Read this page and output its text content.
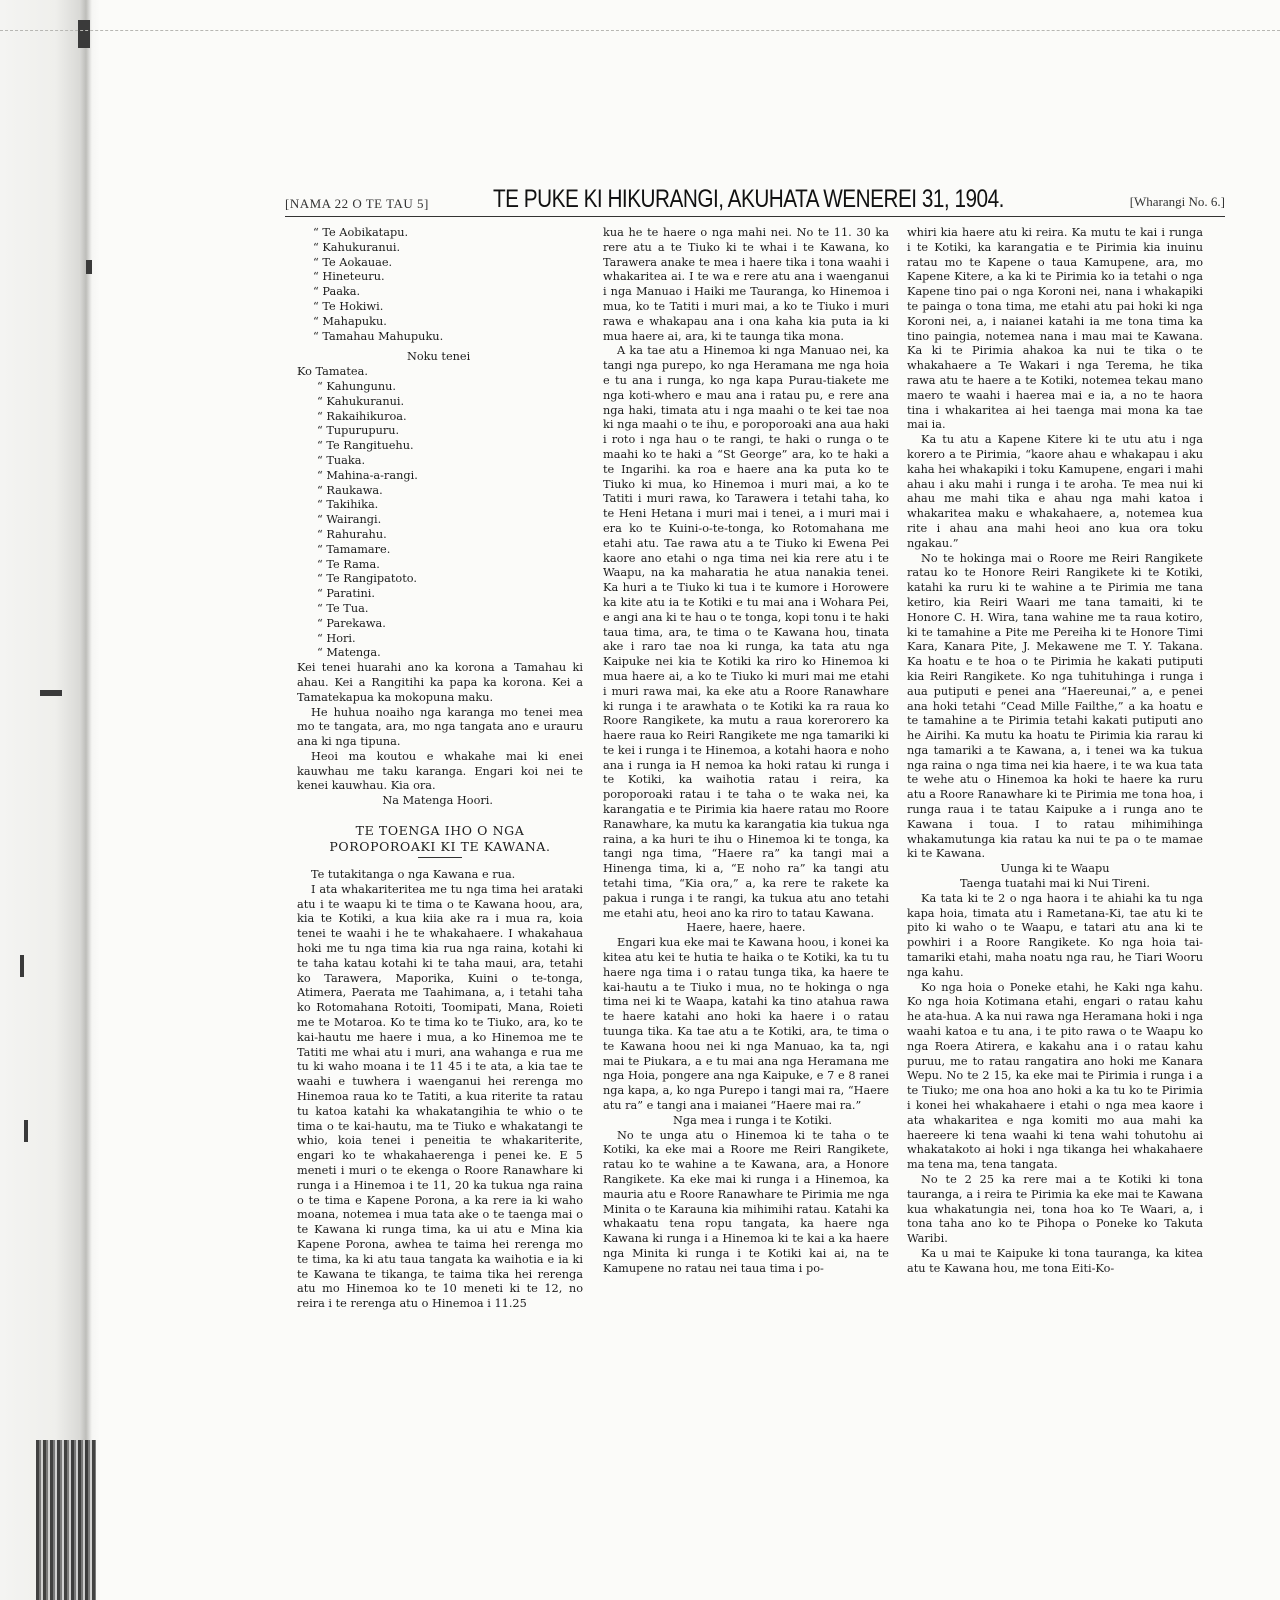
[NAMA 22 O TE TAU 5]	TE PUKE KI HIKURANGI, AKUHATA WENEREI 31, 1904.	[Wharangi No. 6.]
“ Te Aobikatapu.
“ Kahukuranui.
“ Te Aokauae.
“ Hineteuru.
“ Paaka.
“ Te Hokiwi.
“ Mahapuku.
“ Tamahau Mahupuku.

Noku tenei

Ko Tamatea.

“ Kahungunu.
“ Kahukuranui.
“ Rakaihikuroa.
“ Tupurupuru.
“ Te Rangituehu.
“ Tuaka.
“ Mahina-a-rangi.
“ Raukawa.
“ Takihika.
“ Wairangi.
“ Rahurahu.
“ Tamamare.
“ Te Rama.
“ Te Rangipatoto.
“ Paratini.
“ Te Tua.
“ Parekawa.
“ Hori.
“ Matenga.

Kei tenei huarahi ano ka korona a Tamahau ki ahau. Kei a Rangitihi ka papa ka korona. Kei a Tamatekapua ka mokopuna maku.

He huhua noaiho nga karanga mo tenei mea mo te tangata, ara, mo nga tangata ano e urauru ana ki nga tipuna.

Heoi ma koutou e whakahe mai ki enei kauwhau me taku karanga. Engari koi nei te kenei kauwhau. Kia ora.

Na Matenga Hoori.

TE TOENGA IHO O NGA POROPOROAKI KI TE KAWANA.

Te tutakitanga o nga Kawana e rua.

I ata whakariteritea me tu nga tima hei arataki atu i te waapu ki te tima o te Kawana hoou, ara, kia te Kotiki, a kua kiia ake ra i mua ra, koia tenei te waahi i he te whakahaere. I whakahaua hoki me tu nga tima kia rua nga raina, kotahi ki te taha katau kotahi ki te taha maui, ara, tetahi ko Tarawera, Maporika, Kuini o te-tonga, Atimera, Paerata me Taahimana, a, i tetahi taha ko Rotomahana Rotoiti, Toomipati, Mana, Roieti me te Motaroa. Ko te tima ko te Tiuko, ara, ko te kai-hautu me haere i mua, a ko Hinemoa me te Tatiti me whai atu i muri, ana wahanga e rua me tu ki waho moana i te 11 45 i te ata, a kia tae te waahi e tuwhera i waenganui hei rerenga mo Hinemoa raua ko te Tatiti, a kua riterite ta ratau tu katoa katahi ka whakatangihia te whio o te tima o te kai-hautu, ma te Tiuko e whakatangi te whio, koia tenei i peneitia te whakariterite, engari ko te whakahaerenga i penei ke. E 5 meneti i muri o te ekenga o Roore Ranawhare ki runga i a Hinemoa i te 11, 20 ka tukua nga raina o te tima e Kapene Porona, a ka rere ia ki waho moana, notemea i mua tata ake o te taenga mai o te Kawana ki runga tima, ka ui atu e Mina kia Kapene Porona, awhea te taima hei rerenga mo te tima, ka ki atu taua tangata ka waihotia e ia ki te Kawana te tikanga, te taima tika hei rerenga atu mo Hinemoa ko te 10 meneti ki te 12, no reira i te rerenga atu o Hinemoa i 11.25

kua he te haere o nga mahi nei. No te 11. 30 ka rere atu a te Tiuko ki te whai i te Kawana, ko Tarawera anake te mea i haere tika i tona waahi i whakaritea ai. I te wa e rere atu ana i waenganui i nga Manuao i Haiki me Tauranga, ko Hinemoa i mua, ko te Tatiti i muri mai, a ko te Tiuko i muri rawa e whakapau ana i ona kaha kia puta ia ki mua haere ai, ara, ki te taunga tika mona.

A ka tae atu a Hinemoa ki nga Manuao nei, ka tangi nga purepo, ko nga Heramana me nga hoia e tu ana i runga, ko nga kapa Purau-tiakete me nga koti-whero e mau ana i ratau pu, e rere ana nga haki, timata atu i nga maahi o te kei tae noa ki nga maahi o te ihu, e poroporoaki ana aua haki i roto i nga hau o te rangi, te haki o runga o te maahi ko te haki a “St George” ara, ko te haki a te Ingarihi. ka roa e haere ana ka puta ko te Tiuko ki mua, ko Hinemoa i muri mai, a ko te Tatiti i muri rawa, ko Tarawera i tetahi taha, ko te Heni Hetana i muri mai i tenei, a i muri mai i era ko te Kuini-o-te-tonga, ko Rotomahana me etahi atu. Tae rawa atu a te Tiuko ki Ewena Pei kaore ano etahi o nga tima nei kia rere atu i te Waapu, na ka maharatia he atua nanakia tenei. Ka huri a te Tiuko ki tua i te kumore i Horowere ka kite atu ia te Kotiki e tu mai ana i Wohara Pei, e angi ana ki te hau o te tonga, kopi tonu i te haki taua tima, ara, te tima o te Kawana hou, tinata ake i raro tae noa ki runga, ka tata atu nga Kaipuke nei kia te Kotiki ka riro ko Hinemoa ki mua haere ai, a ko te Tiuko ki muri mai me etahi i muri rawa mai, ka eke atu a Roore Ranawhare ki runga i te arawhata o te Kotiki ka ra raua ko Roore Rangikete, ka mutu a raua korerorero ka haere raua ko Reiri Rangikete me nga tamariki ki te kei i runga i te Hinemoa, a kotahi haora e noho ana i runga ia H nemoa ka hoki ratau ki runga i te Kotiki, ka waihotia ratau i reira, ka poroporoaki ratau i te taha o te waka nei, ka karangatia e te Pirimia kia haere ratau mo Roore Ranawhare, ka mutu ka karangatia kia tukua nga raina, a ka huri te ihu o Hinemoa ki te tonga, ka tangi nga tima, “Haere ra” ka tangi mai a Hinenga tima, ki a, “E noho ra” ka tangi atu tetahi tima, “Kia ora,” a, ka rere te rakete ka pakua i runga i te rangi, ka tukua atu ano tetahi me etahi atu, heoi ano ka riro to tatau Kawana.

Haere, haere, haere.

Engari kua eke mai te Kawana hoou, i konei ka kitea atu kei te hutia te haika o te Kotiki, ka tu tu haere nga tima i o ratau tunga tika, ka haere te kai-hautu a te Tiuko i mua, no te hokinga o nga tima nei ki te Waapa, katahi ka tino atahua rawa te haere katahi ano hoki ka haere i o ratau tuunga tika. Ka tae atu a te Kotiki, ara, te tima o te Kawana hoou nei ki nga Manuao, ka ta, ngi mai te Piukara, a e tu mai ana nga Heramana me nga Hoia, pongere ana nga Kaipuke, e 7 e 8 ranei nga kapa, a, ko nga Purepo i tangi mai ra, “Haere atu ra” e tangi ana i maianei “Haere mai ra.”

Nga mea i runga i te Kotiki.

No te unga atu o Hinemoa ki te taha o te Kotiki, ka eke mai a Roore me Reiri Rangikete, ratau ko te wahine a te Kawana, ara, a Honore Rangikete. Ka eke mai ki runga i a Hinemoa, ka mauria atu e Roore Ranawhare te Pirimia me nga Minita o te Karauna kia mihimihi ratau. Katahi ka whakaatu tena ropu tangata, ka haere nga Kawana ki runga i a Hinemoa ki te kai a ka haere nga Minita ki runga i te Kotiki kai ai, na te Kamupene no ratau nei taua tima i po-

whiri kia haere atu ki reira. Ka mutu te kai i runga i te Kotiki, ka karangatia e te Pirimia kia inuinu ratau mo te Kapene o taua Kamupene, ara, mo Kapene Kitere, a ka ki te Pirimia ko ia tetahi o nga Kapene tino pai o nga Koroni nei, nana i whakapiki te painga o tona tima, me etahi atu pai hoki ki nga Koroni nei, a, i naianei katahi ia me tona tima ka tino paingia, notemea nana i mau mai te Kawana. Ka ki te Pirimia ahakoa ka nui te tika o te whakahaere a Te Wakari i nga Terema, he tika rawa atu te haere a te Kotiki, notemea tekau mano maero te waahi i haerea mai e ia, a no te haora tina i whakaritea ai hei taenga mai mona ka tae mai ia.

Ka tu atu a Kapene Kitere ki te utu atu i nga korero a te Pirimia, “kaore ahau e whakapau i aku kaha hei whakapiki i toku Kamupene, engari i mahi ahau i aku mahi i runga i te aroha. Te mea nui ki ahau me mahi tika e ahau nga mahi katoa i whakaritea maku e whakahaere, a, notemea kua rite i ahau ana mahi heoi ano kua ora toku ngakau.”

No te hokinga mai o Roore me Reiri Rangikete ratau ko te Honore Reiri Rangikete ki te Kotiki, katahi ka ruru ki te wahine a te Pirimia me tana ketiro, kia Reiri Waari me tana tamaiti, ki te Honore C. H. Wira, tana wahine me ta raua kotiro, ki te tamahine a Pite me Pereiha ki te Honore Timi Kara, Kanara Pite, J. Mekawene me T. Y. Takana. Ka hoatu e te hoa o te Pirimia he kakati putiputi kia Reiri Rangikete. Ko nga tuhituhinga i runga i aua putiputi e penei ana “Haereunai,” a, e penei ana hoki tetahi “Cead Mille Failthe,” a ka hoatu e te tamahine a te Pirimia tetahi kakati putiputi ano he Airihi. Ka mutu ka hoatu te Pirimia kia rarau ki nga tamariki a te Kawana, a, i tenei wa ka tukua nga raina o nga tima nei kia haere, i te wa kua tata te wehe atu o Hinemoa ka hoki te haere ka ruru atu a Roore Ranawhare ki te Pirimia me tona hoa, i runga raua i te tatau Kaipuke a i runga ano te Kawana i toua. I to ratau mihimihinga whakamutunga kia ratau ka nui te pa o te mamae ki te Kawana.

Uunga ki te Waapu

Taenga tuatahi mai ki Nui Tireni.

Ka tata ki te 2 o nga haora i te ahiahi ka tu nga kapa hoia, timata atu i Rametana-Ki, tae atu ki te pito ki waho o te Waapu, e tatari atu ana ki te powhiri i a Roore Rangikete. Ko nga hoia tai-tamariki etahi, maha noatu nga rau, he Tiari Wooru nga kahu.

Ko nga hoia o Poneke etahi, he Kaki nga kahu. Ko nga hoia Kotimana etahi, engari o ratau kahu he ata-hua. A ka nui rawa nga Heramana hoki i nga waahi katoa e tu ana, i te pito rawa o te Waapu ko nga Roera Atirera, e kakahu ana i o ratau kahu puruu, me to ratau rangatira ano hoki me Kanara Wepu. No te 2 15, ka eke mai te Pirimia i runga i a te Tiuko; me ona hoa ano hoki a ka tu ko te Pirimia i konei hei whakahaere i etahi o nga mea kaore i ata whakaritea e nga komiti mo aua mahi ka haereere ki tena waahi ki tena wahi tohutohu ai whakatakoto ai hoki i nga tikanga hei whakahaere ma tena ma, tena tangata.

No te 2 25 ka rere mai a te Kotiki ki tona tauranga, a i reira te Pirimia ka eke mai te Kawana kua whakatungia nei, tona hoa ko Te Waari, a, i tona taha ano ko te Pihopa o Poneke ko Takuta Waribi.

Ka u mai te Kaipuke ki tona tauranga, ka kitea atu te Kawana hou, me tona Eiti-Ko-
